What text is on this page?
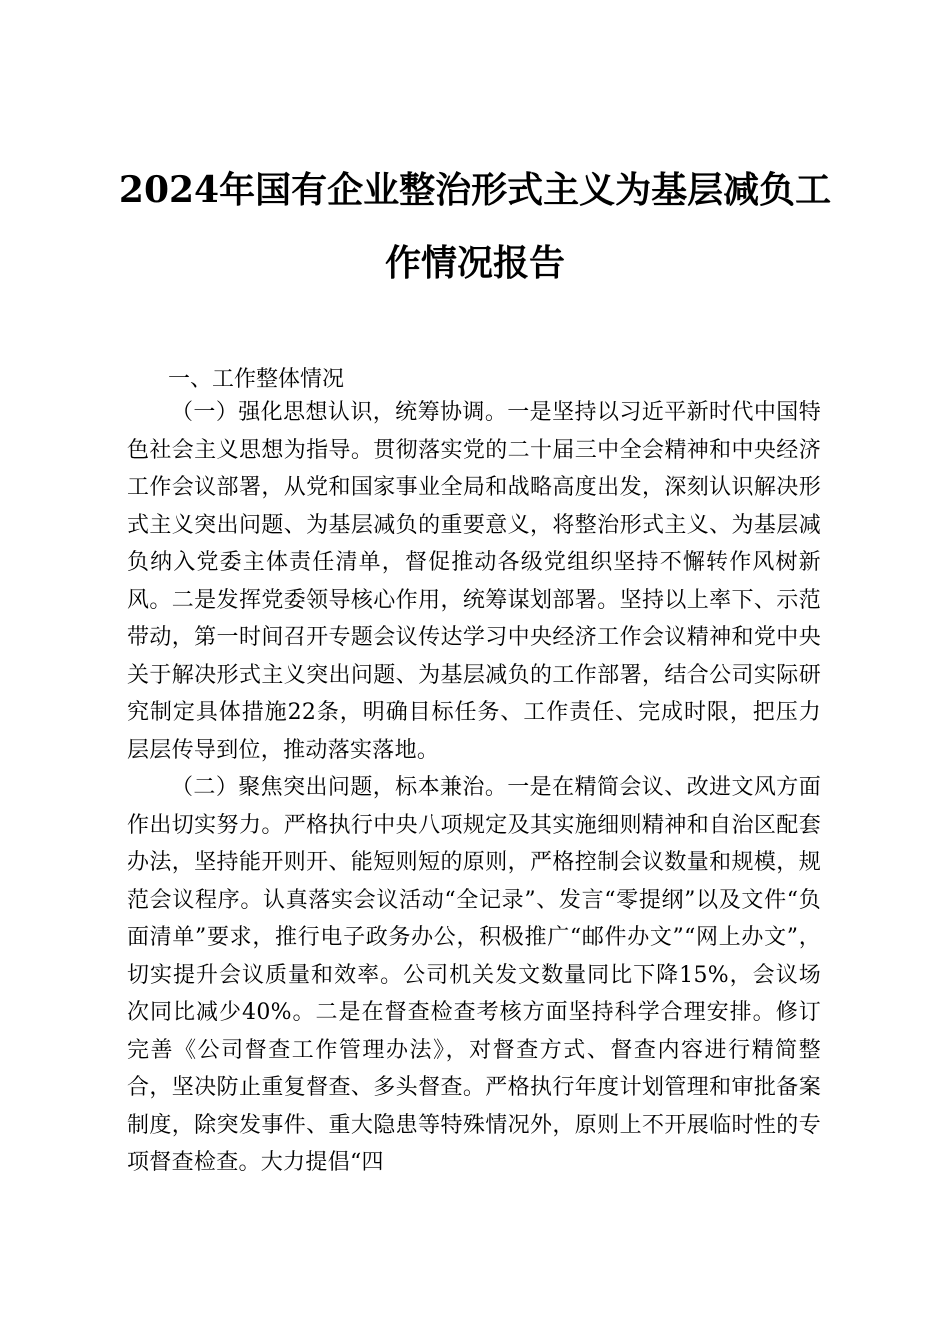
2024年国有企业整治形式主义为基层减负工
作情况报告
一、工作整体情况
（一）强化思想认识，统筹协调。一是坚持以习近平新时代中国特色社会主义思想为指导。贯彻落实党的二十届三中全会精神和中央经济工作会议部署，从党和国家事业全局和战略高度出发，深刻认识解决形式主义突出问题、为基层减负的重要意义，将整治形式主义、为基层减负纳入党委主体责任清单，督促推动各级党组织坚持不懈转作风树新风。二是发挥党委领导核心作用，统筹谋划部署。坚持以上率下、示范带动，第一时间召开专题会议传达学习中央经济工作会议精神和党中央关于解决形式主义突出问题、为基层减负的工作部署，结合公司实际研究制定具体措施22条，明确目标任务、工作责任、完成时限，把压力层层传导到位，推动落实落地。
（二）聚焦突出问题，标本兼治。一是在精简会议、改进文风方面作出切实努力。严格执行中央八项规定及其实施细则精神和自治区配套办法，坚持能开则开、能短则短的原则，严格控制会议数量和规模，规范会议程序。认真落实会议活动“全记录”、发言“零提纲”以及文件“负面清单”要求，推行电子政务办公，积极推广“邮件办文”“网上办文”，切实提升会议质量和效率。公司机关发文数量同比下降15%，会议场次同比减少40%。二是在督查检查考核方面坚持科学合理安排。修订完善《公司督查工作管理办法》，对督查方式、督查内容进行精简整合，坚决防止重复督查、多头督查。严格执行年度计划管理和审批备案制度，除突发事件、重大隐患等特殊情况外，原则上不开展临时性的专项督查检查。大力提倡“四
